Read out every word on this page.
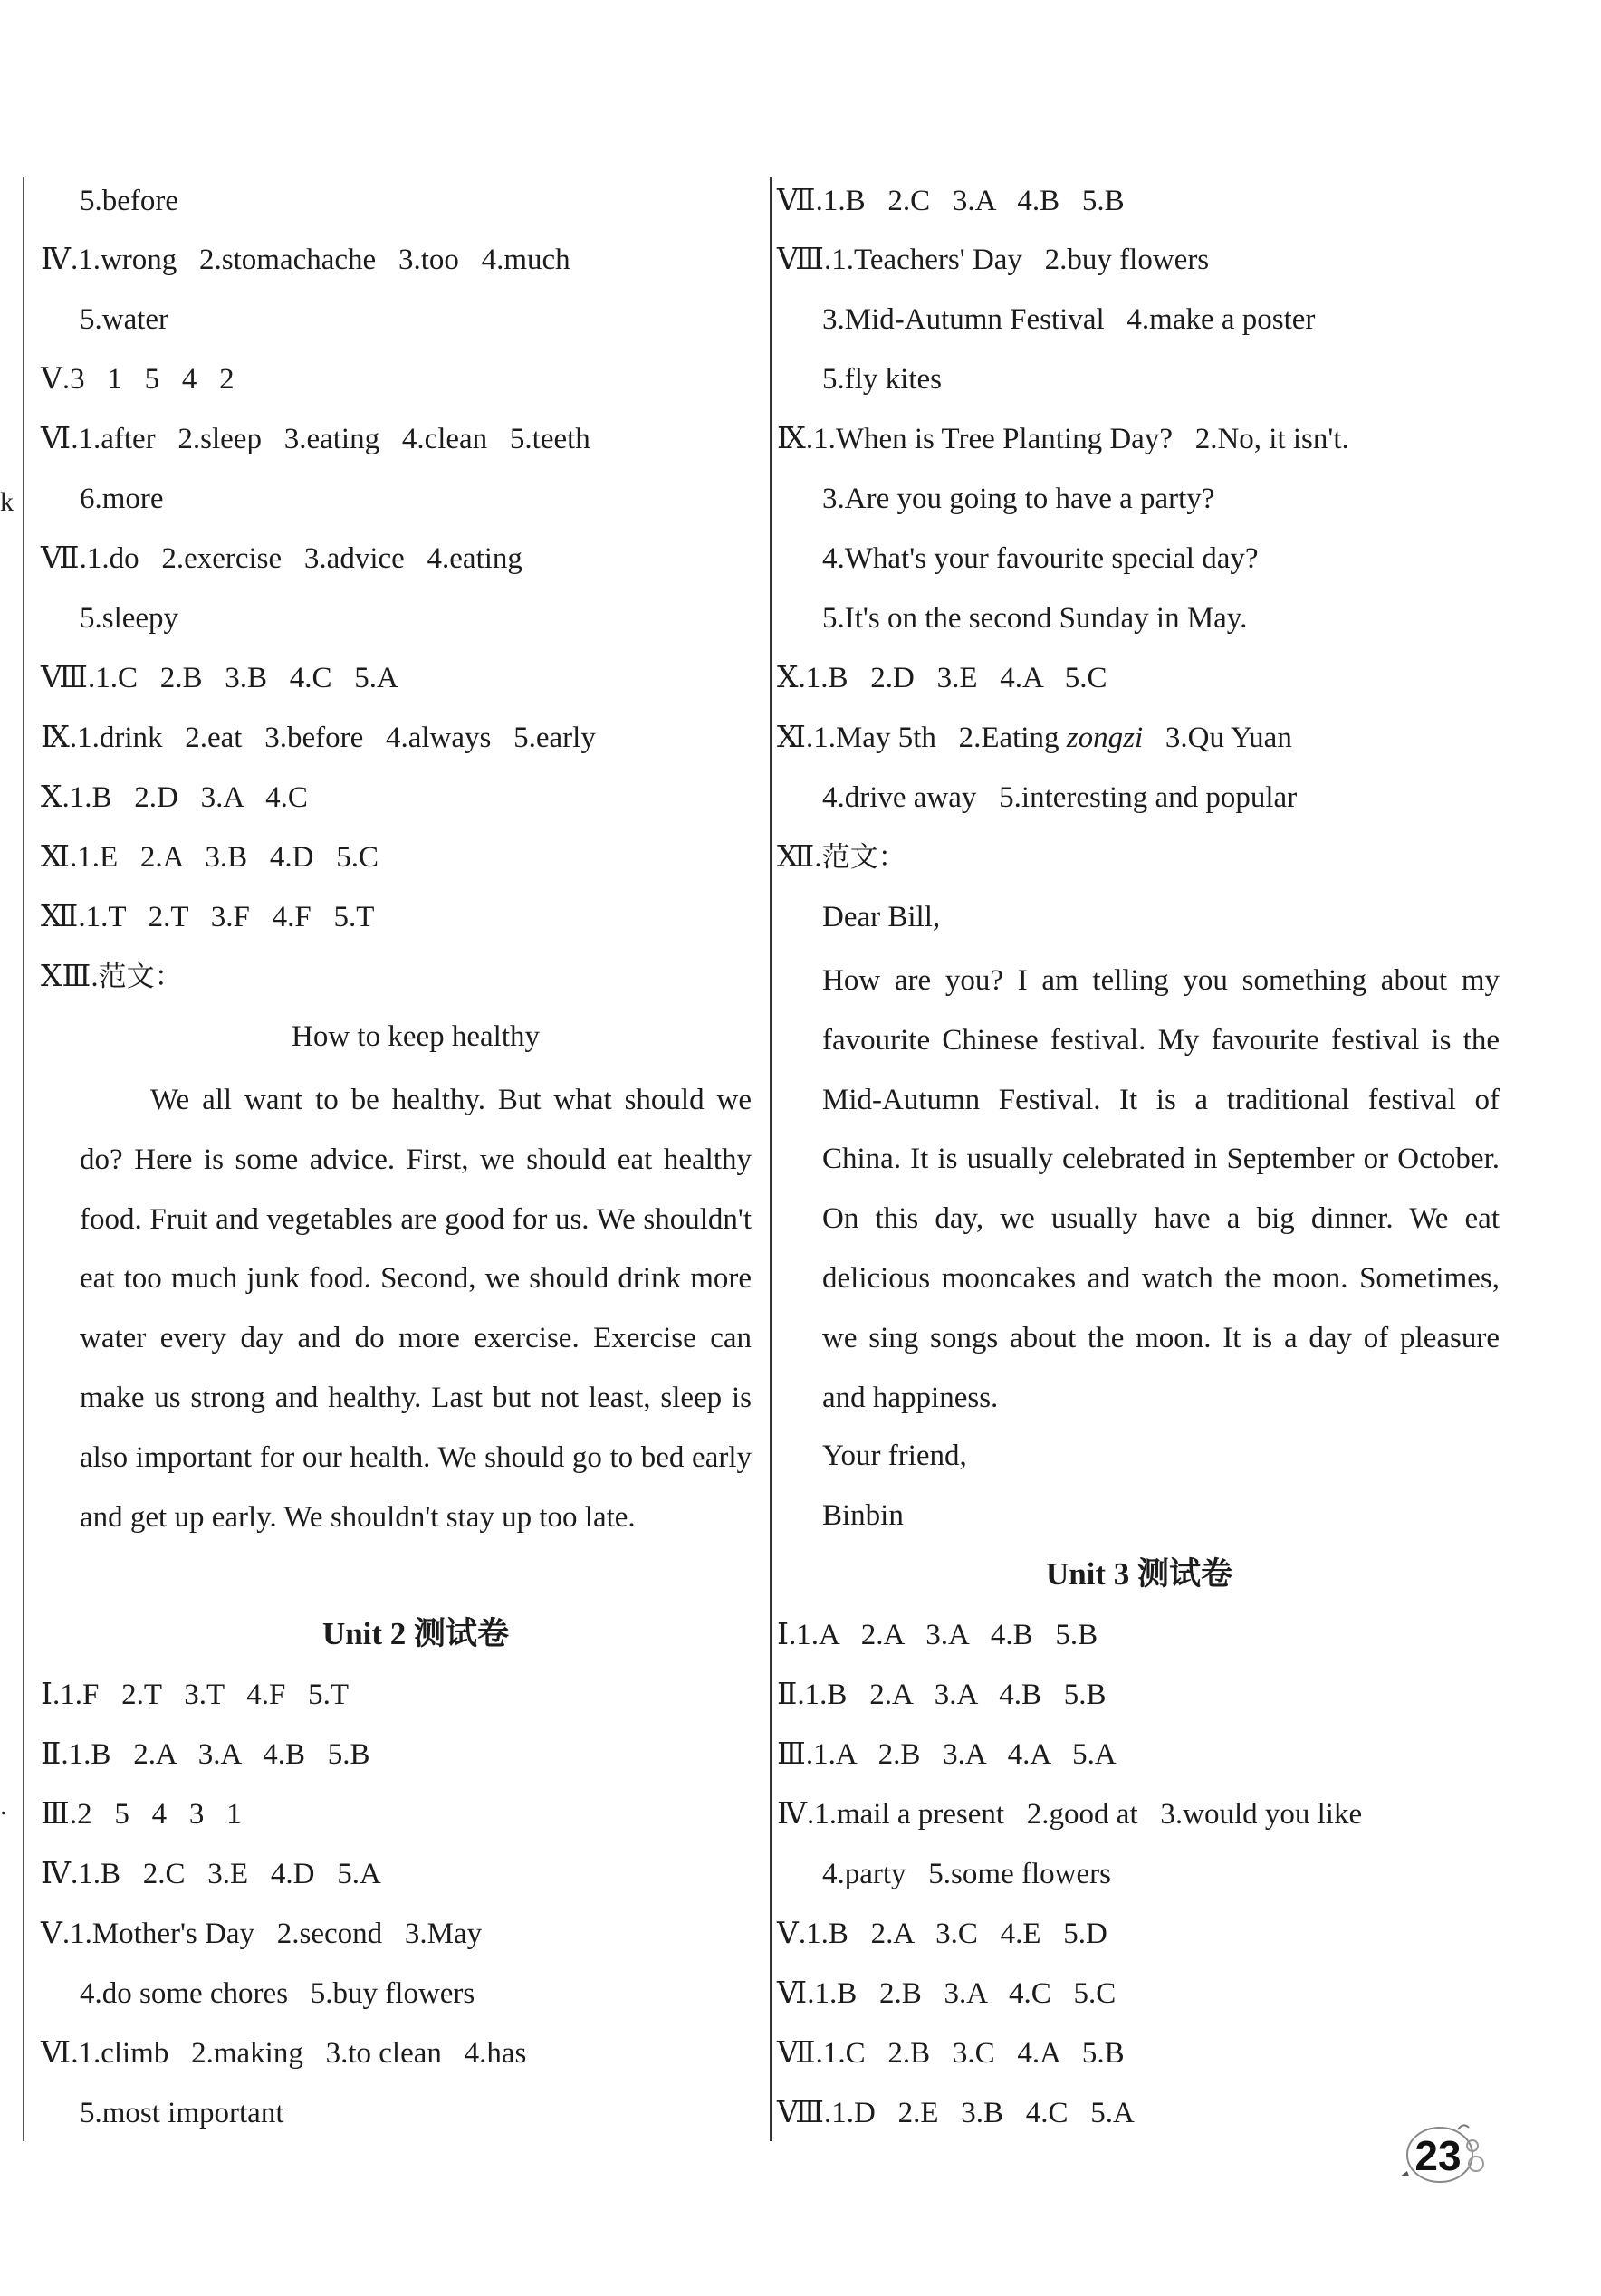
k
.

5.before

Ⅳ.1.wrong   2.stomachache   3.too   4.much

5.water

Ⅴ.3   1   5   4   2

Ⅵ.1.after   2.sleep   3.eating   4.clean   5.teeth

6.more

Ⅶ.1.do   2.exercise   3.advice   4.eating

5.sleepy

Ⅷ.1.C   2.B   3.B   4.C   5.A

Ⅸ.1.drink   2.eat   3.before   4.always   5.early

Ⅹ.1.B   2.D   3.A   4.C

Ⅺ.1.E   2.A   3.B   4.D   5.C

Ⅻ.1.T   2.T   3.F   4.F   5.T

ⅩⅢ.范文：

How to keep healthy

We all want to be healthy. But what should we do? Here is some advice. First, we should eat healthy food. Fruit and vegetables are good for us. We shouldn't eat too much junk food. Second, we should drink more water every day and do more exercise. Exercise can make us strong and healthy. Last but not least, sleep is also important for our health. We should go to bed early and get up early. We shouldn't stay up too late.

Unit 2 测试卷

Ⅰ.1.F   2.T   3.T   4.F   5.T

Ⅱ.1.B   2.A   3.A   4.B   5.B

Ⅲ.2   5   4   3   1

Ⅳ.1.B   2.C   3.E   4.D   5.A

Ⅴ.1.Mother's Day   2.second   3.May

4.do some chores   5.buy flowers

Ⅵ.1.climb   2.making   3.to clean   4.has

5.most important

Ⅶ.1.B   2.C   3.A   4.B   5.B

Ⅷ.1.Teachers' Day   2.buy flowers

3.Mid-Autumn Festival   4.make a poster

5.fly kites

Ⅸ.1.When is Tree Planting Day?   2.No, it isn't.

3.Are you going to have a party?

4.What's your favourite special day?

5.It's on the second Sunday in May.

Ⅹ.1.B   2.D   3.E   4.A   5.C

Ⅺ.1.May 5th   2.Eating zongzi   3.Qu Yuan

4.drive away   5.interesting and popular

Ⅻ.范文：

Dear Bill,

How are you? I am telling you something about my favourite Chinese festival. My favourite festival is the Mid-Autumn Festival. It is a traditional festival of China. It is usually celebrated in September or October. On this day, we usually have a big dinner. We eat delicious mooncakes and watch the moon. Sometimes, we sing songs about the moon. It is a day of pleasure and happiness.

Your friend,

Binbin

Unit 3 测试卷

Ⅰ.1.A   2.A   3.A   4.B   5.B

Ⅱ.1.B   2.A   3.A   4.B   5.B

Ⅲ.1.A   2.B   3.A   4.A   5.A

Ⅳ.1.mail a present   2.good at   3.would you like

4.party   5.some flowers

Ⅴ.1.B   2.A   3.C   4.E   5.D

Ⅵ.1.B   2.B   3.A   4.C   5.C

Ⅶ.1.C   2.B   3.C   4.A   5.B

Ⅷ.1.D   2.E   3.B   4.C   5.A

23
